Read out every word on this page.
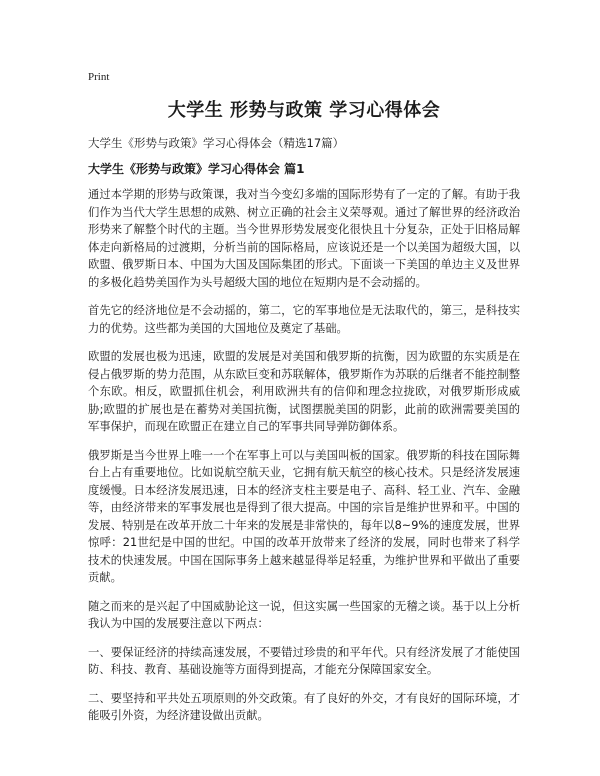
Print
大学生 形势与政策 学习心得体会
大学生《形势与政策》学习心得体会（精选17篇）
大学生《形势与政策》学习心得体会 篇1

通过本学期的形势与政策课，我对当今变幻多端的国际形势有了一定的了解。有助于我们作为当代大学生思想的成熟、树立正确的社会主义荣辱观。通过了解世界的经济政治形势来了解整个时代的主题。当今世界形势发展变化很快且十分复杂，正处于旧格局解体走向新格局的过渡期，分析当前的国际格局，应该说还是一个以美国为超级大国，以欧盟、俄罗斯日本、中国为大国及国际集团的形式。下面谈一下美国的单边主义及世界的多极化趋势美国作为头号超级大国的地位在短期内是不会动摇的。

首先它的经济地位是不会动摇的，第二，它的军事地位是无法取代的，第三，是科技实力的优势。这些都为美国的大国地位及奠定了基础。

欧盟的发展也极为迅速，欧盟的发展是对美国和俄罗斯的抗衡，因为欧盟的东实质是在侵占俄罗斯的势力范围，从东欧巨变和苏联解体，俄罗斯作为苏联的后继者不能控制整个东欧。相反，欧盟抓住机会，利用欧洲共有的信仰和理念拉拢欧，对俄罗斯形成威胁;欧盟的扩展也是在蓄势对美国抗衡，试图摆脱美国的阴影，此前的欧洲需要美国的军事保护，而现在欧盟正在建立自己的军事共同导弹防御体系。

俄罗斯是当今世界上唯一一个在军事上可以与美国叫板的国家。俄罗斯的科技在国际舞台上占有重要地位。比如说航空航天业，它拥有航天航空的核心技术。只是经济发展速度缓慢。日本经济发展迅速，日本的经济支柱主要是电子、高科、轻工业、汽车、金融等，由经济带来的军事发展也是得到了很大提高。中国的宗旨是维护世界和平。中国的发展、特别是在改革开放二十年来的发展是非常快的，每年以8~9%的速度发展，世界惊呼：21世纪是中国的世纪。中国的改革开放带来了经济的发展，同时也带来了科学技术的快速发展。中国在国际事务上越来越显得举足轻重，为维护世界和平做出了重要贡献。

随之而来的是兴起了中国威胁论这一说，但这实属一些国家的无稽之谈。基于以上分析我认为中国的发展要注意以下两点：

一、要保证经济的持续高速发展，不要错过珍贵的和平年代。只有经济发展了才能使国防、科技、教育、基础设施等方面得到提高，才能充分保障国家安全。

二、要坚持和平共处五项原则的外交政策。有了良好的外交，才有良好的国际环境，才能吸引外资，为经济建设做出贡献。
